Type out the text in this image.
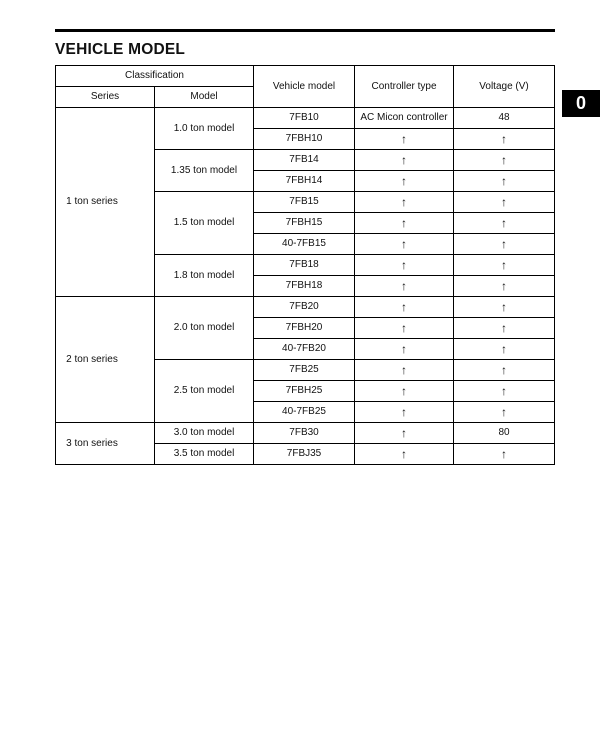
VEHICLE MODEL
0
Classification		Vehicle model	Controller type	Voltage (V)
Series	Model			

1 ton series	1.0 ton model	7FB10	AC Micon controller	48
		7FBH10	↑	↑
	1.35 ton model	7FB14	↑	↑
		7FBH14	↑	↑
	1.5 ton model	7FB15	↑	↑
		7FBH15	↑	↑
		40-7FB15	↑	↑
	1.8 ton model	7FB18	↑	↑
		7FBH18	↑	↑

2 ton series	2.0 ton model	7FB20	↑	↑
		7FBH20	↑	↑
		40-7FB20	↑	↑
	2.5 ton model	7FB25	↑	↑
		7FBH25	↑	↑
		40-7FB25	↑	↑

3 ton series	3.0 ton model	7FB30	↑	80
	3.5 ton model	7FBJ35	↑	↑
